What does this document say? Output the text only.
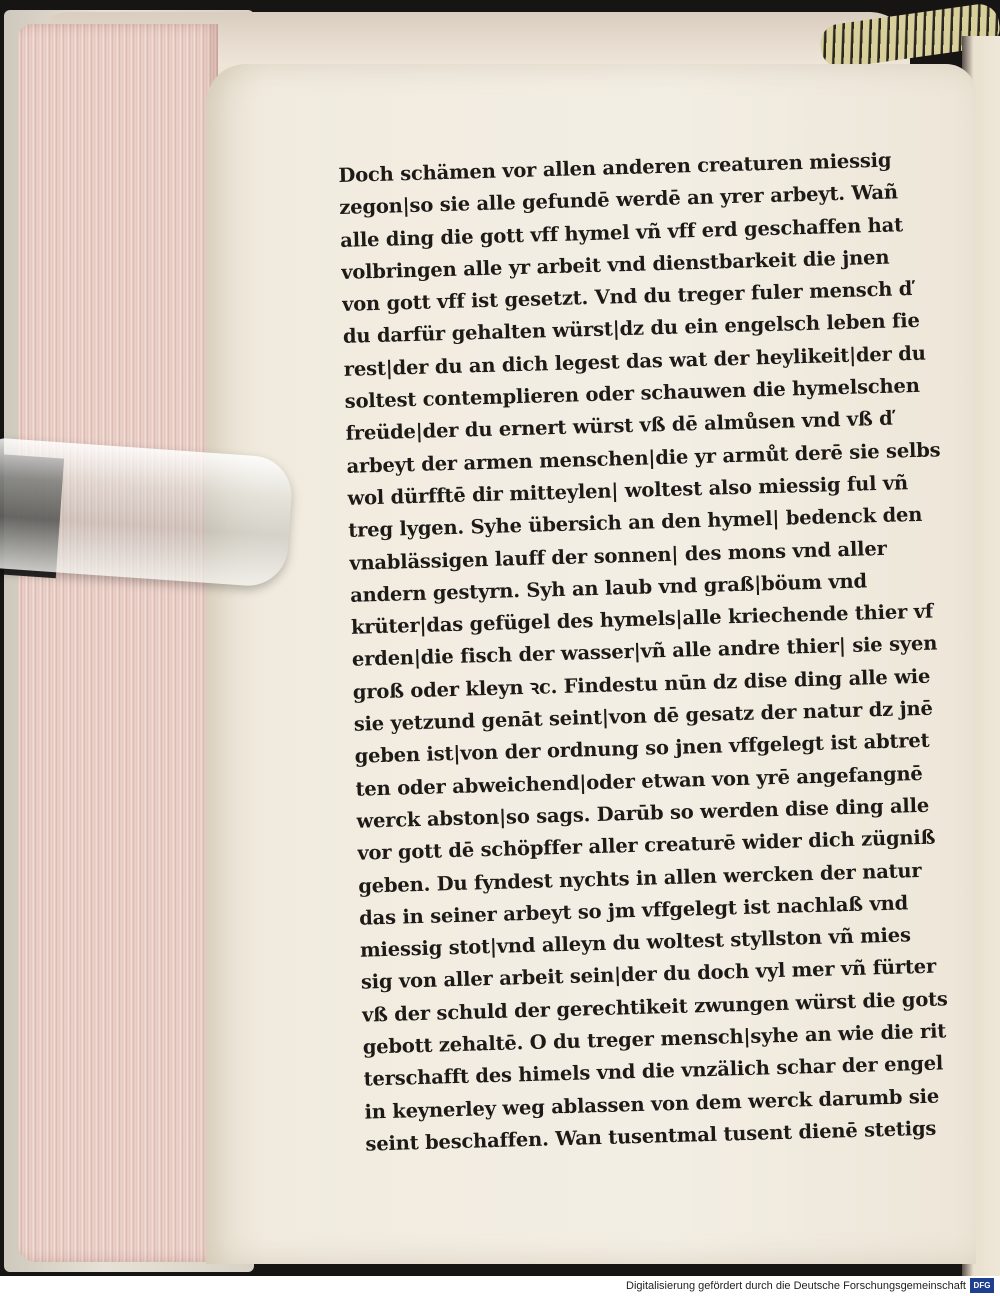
Doch schämen vor allen anderen creaturen miessig
zegon|so sie alle gefundē werdē an yrer arbeyt. Wañ
alle ding die gott vff hymel vñ vff erd geschaffen hat
volbringen alle yr arbeit vnd dienstbarkeit die jnen
von gott vff ist gesetzt. Vnd du treger fuler mensch ď
du darfür gehalten würst|dz du ein engelsch leben fie
rest|der du an dich legest das wat der heylikeit|der du
soltest contemplieren oder schauwen die hymelschen
freüde|der du ernert würst vß dē almůsen vnd vß ď
arbeyt der armen menschen|die yr armůt derē sie selbs
wol dürfftē dir mitteylen| woltest also miessig ful vñ
treg lygen. Syhe übersich an den hymel| bedenck den
vnablässigen lauff der sonnen| des mons vnd aller
andern gestyrn. Syh an laub vnd graß|böum vnd
krüter|das gefügel des hymels|alle kriechende thier vf
erden|die fisch der wasser|vñ alle andre thier| sie syen
groß oder kleyn ꝛc. Findestu nūn dz dise ding alle wie
sie yetzund genāt seint|von dē gesatz der natur dz jnē
geben ist|von der ordnung so jnen vffgelegt ist abtret
ten oder abweichend|oder etwan von yrē angefangnē
werck abston|so sags. Darūb so werden dise ding alle
vor gott dē schöpffer aller creaturē wider dich zügniß
geben. Du fyndest nychts in allen wercken der natur
das in seiner arbeyt so jm vffgelegt ist nachlaß vnd
miessig stot|vnd alleyn du woltest styllston vñ mies
sig von aller arbeit sein|der du doch vyl mer vñ fürter
vß der schuld der gerechtikeit zwungen würst die gots
gebott zehaltē. O du treger mensch|syhe an wie die rit
terschafft des himels vnd die vnzälich schar der engel
in keynerley weg ablassen von dem werck darumb sie
seint beschaffen. Wan tusentmal tusent dienē stetigs
Digitalisierung gefördert durch die Deutsche Forschungsgemeinschaft DFG
